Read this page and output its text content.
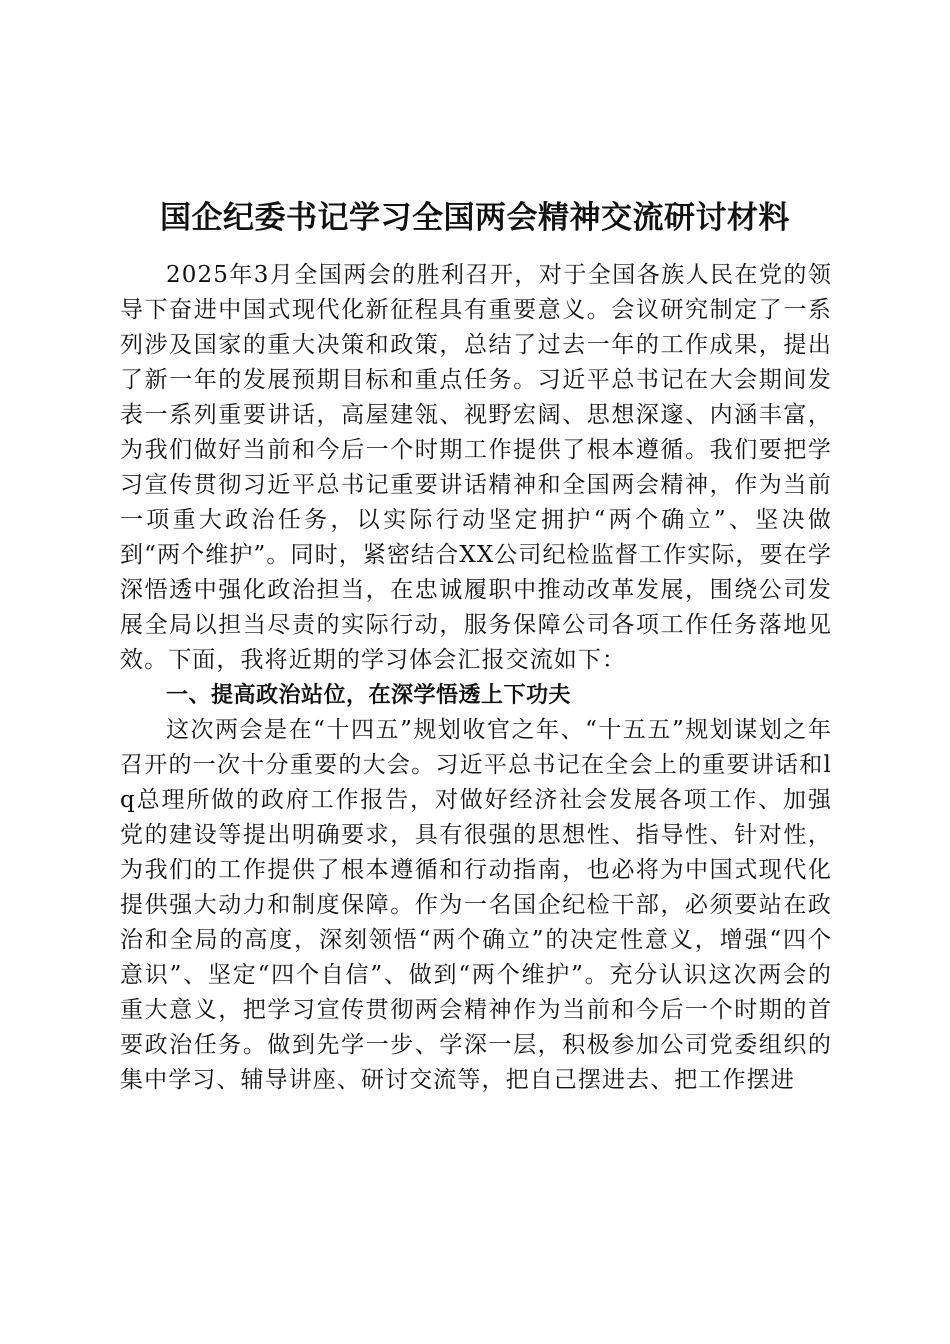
国企纪委书记学习全国两会精神交流研讨材料

2025年3月全国两会的胜利召开，对于全国各族人民在党的领导下奋进中国式现代化新征程具有重要意义。会议研究制定了一系列涉及国家的重大决策和政策，总结了过去一年的工作成果，提出了新一年的发展预期目标和重点任务。习近平总书记在大会期间发表一系列重要讲话，高屋建瓴、视野宏阔、思想深邃、内涵丰富，为我们做好当前和今后一个时期工作提供了根本遵循。我们要把学习宣传贯彻习近平总书记重要讲话精神和全国两会精神，作为当前一项重大政治任务，以实际行动坚定拥护“两个确立”、坚决做到“两个维护”。同时，紧密结合XX公司纪检监督工作实际，要在学深悟透中强化政治担当，在忠诚履职中推动改革发展，围绕公司发展全局以担当尽责的实际行动，服务保障公司各项工作任务落地见效。下面，我将近期的学习体会汇报交流如下：

一、提高政治站位，在深学悟透上下功夫

这次两会是在“十四五”规划收官之年、“十五五”规划谋划之年召开的一次十分重要的大会。习近平总书记在全会上的重要讲话和lq总理所做的政府工作报告，对做好经济社会发展各项工作、加强党的建设等提出明确要求，具有很强的思想性、指导性、针对性，为我们的工作提供了根本遵循和行动指南，也必将为中国式现代化提供强大动力和制度保障。作为一名国企纪检干部，必须要站在政治和全局的高度，深刻领悟“两个确立”的决定性意义，增强“四个意识”、坚定“四个自信”、做到“两个维护”。充分认识这次两会的重大意义，把学习宣传贯彻两会精神作为当前和今后一个时期的首要政治任务。做到先学一步、学深一层，积极参加公司党委组织的集中学习、辅导讲座、研讨交流等，把自己摆进去、把工作摆进
